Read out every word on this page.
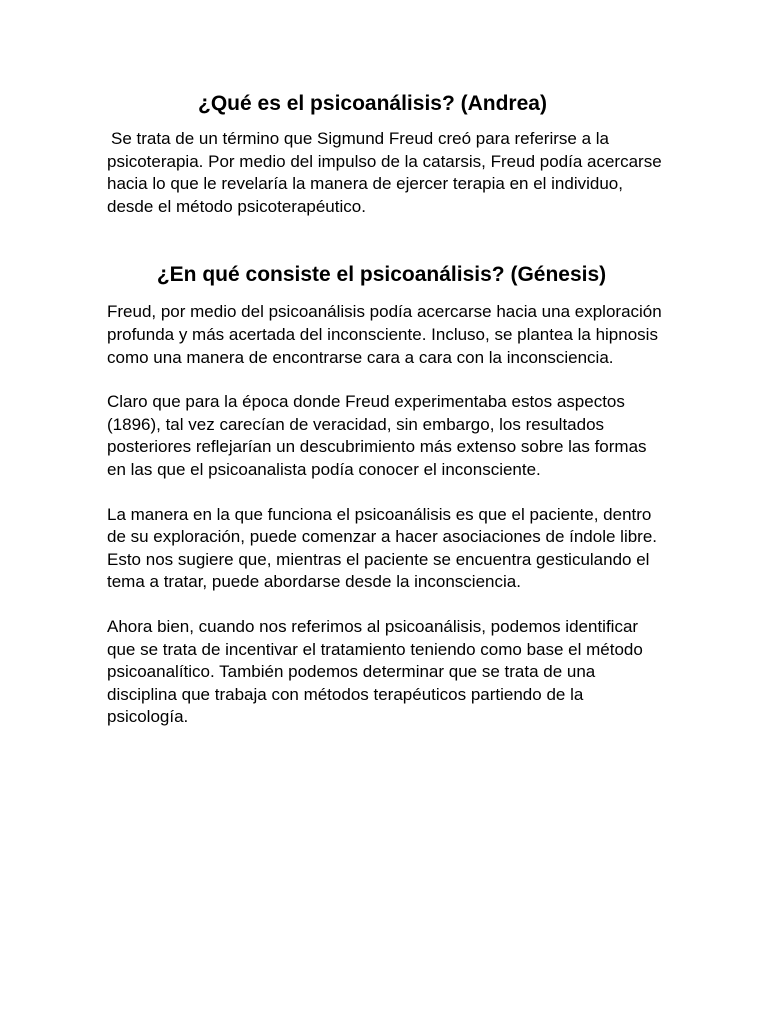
¿Qué es el psicoanálisis? (Andrea)

Se trata de un término que Sigmund Freud creó para referirse a la psicoterapia. Por medio del impulso de la catarsis, Freud podía acercarse hacia lo que le revelaría la manera de ejercer terapia en el individuo, desde el método psicoterapéutico.

¿En qué consiste el psicoanálisis? (Génesis)

Freud, por medio del psicoanálisis podía acercarse hacia una exploración profunda y más acertada del inconsciente. Incluso, se plantea la hipnosis como una manera de encontrarse cara a cara con la inconsciencia.

Claro que para la época donde Freud experimentaba estos aspectos (1896), tal vez carecían de veracidad, sin embargo, los resultados posteriores reflejarían un descubrimiento más extenso sobre las formas en las que el psicoanalista podía conocer el inconsciente.

La manera en la que funciona el psicoanálisis es que el paciente, dentro de su exploración, puede comenzar a hacer asociaciones de índole libre. Esto nos sugiere que, mientras el paciente se encuentra gesticulando el tema a tratar, puede abordarse desde la inconsciencia.

Ahora bien, cuando nos referimos al psicoanálisis, podemos identificar que se trata de incentivar el tratamiento teniendo como base el método psicoanalítico. También podemos determinar que se trata de una disciplina que trabaja con métodos terapéuticos partiendo de la psicología.
